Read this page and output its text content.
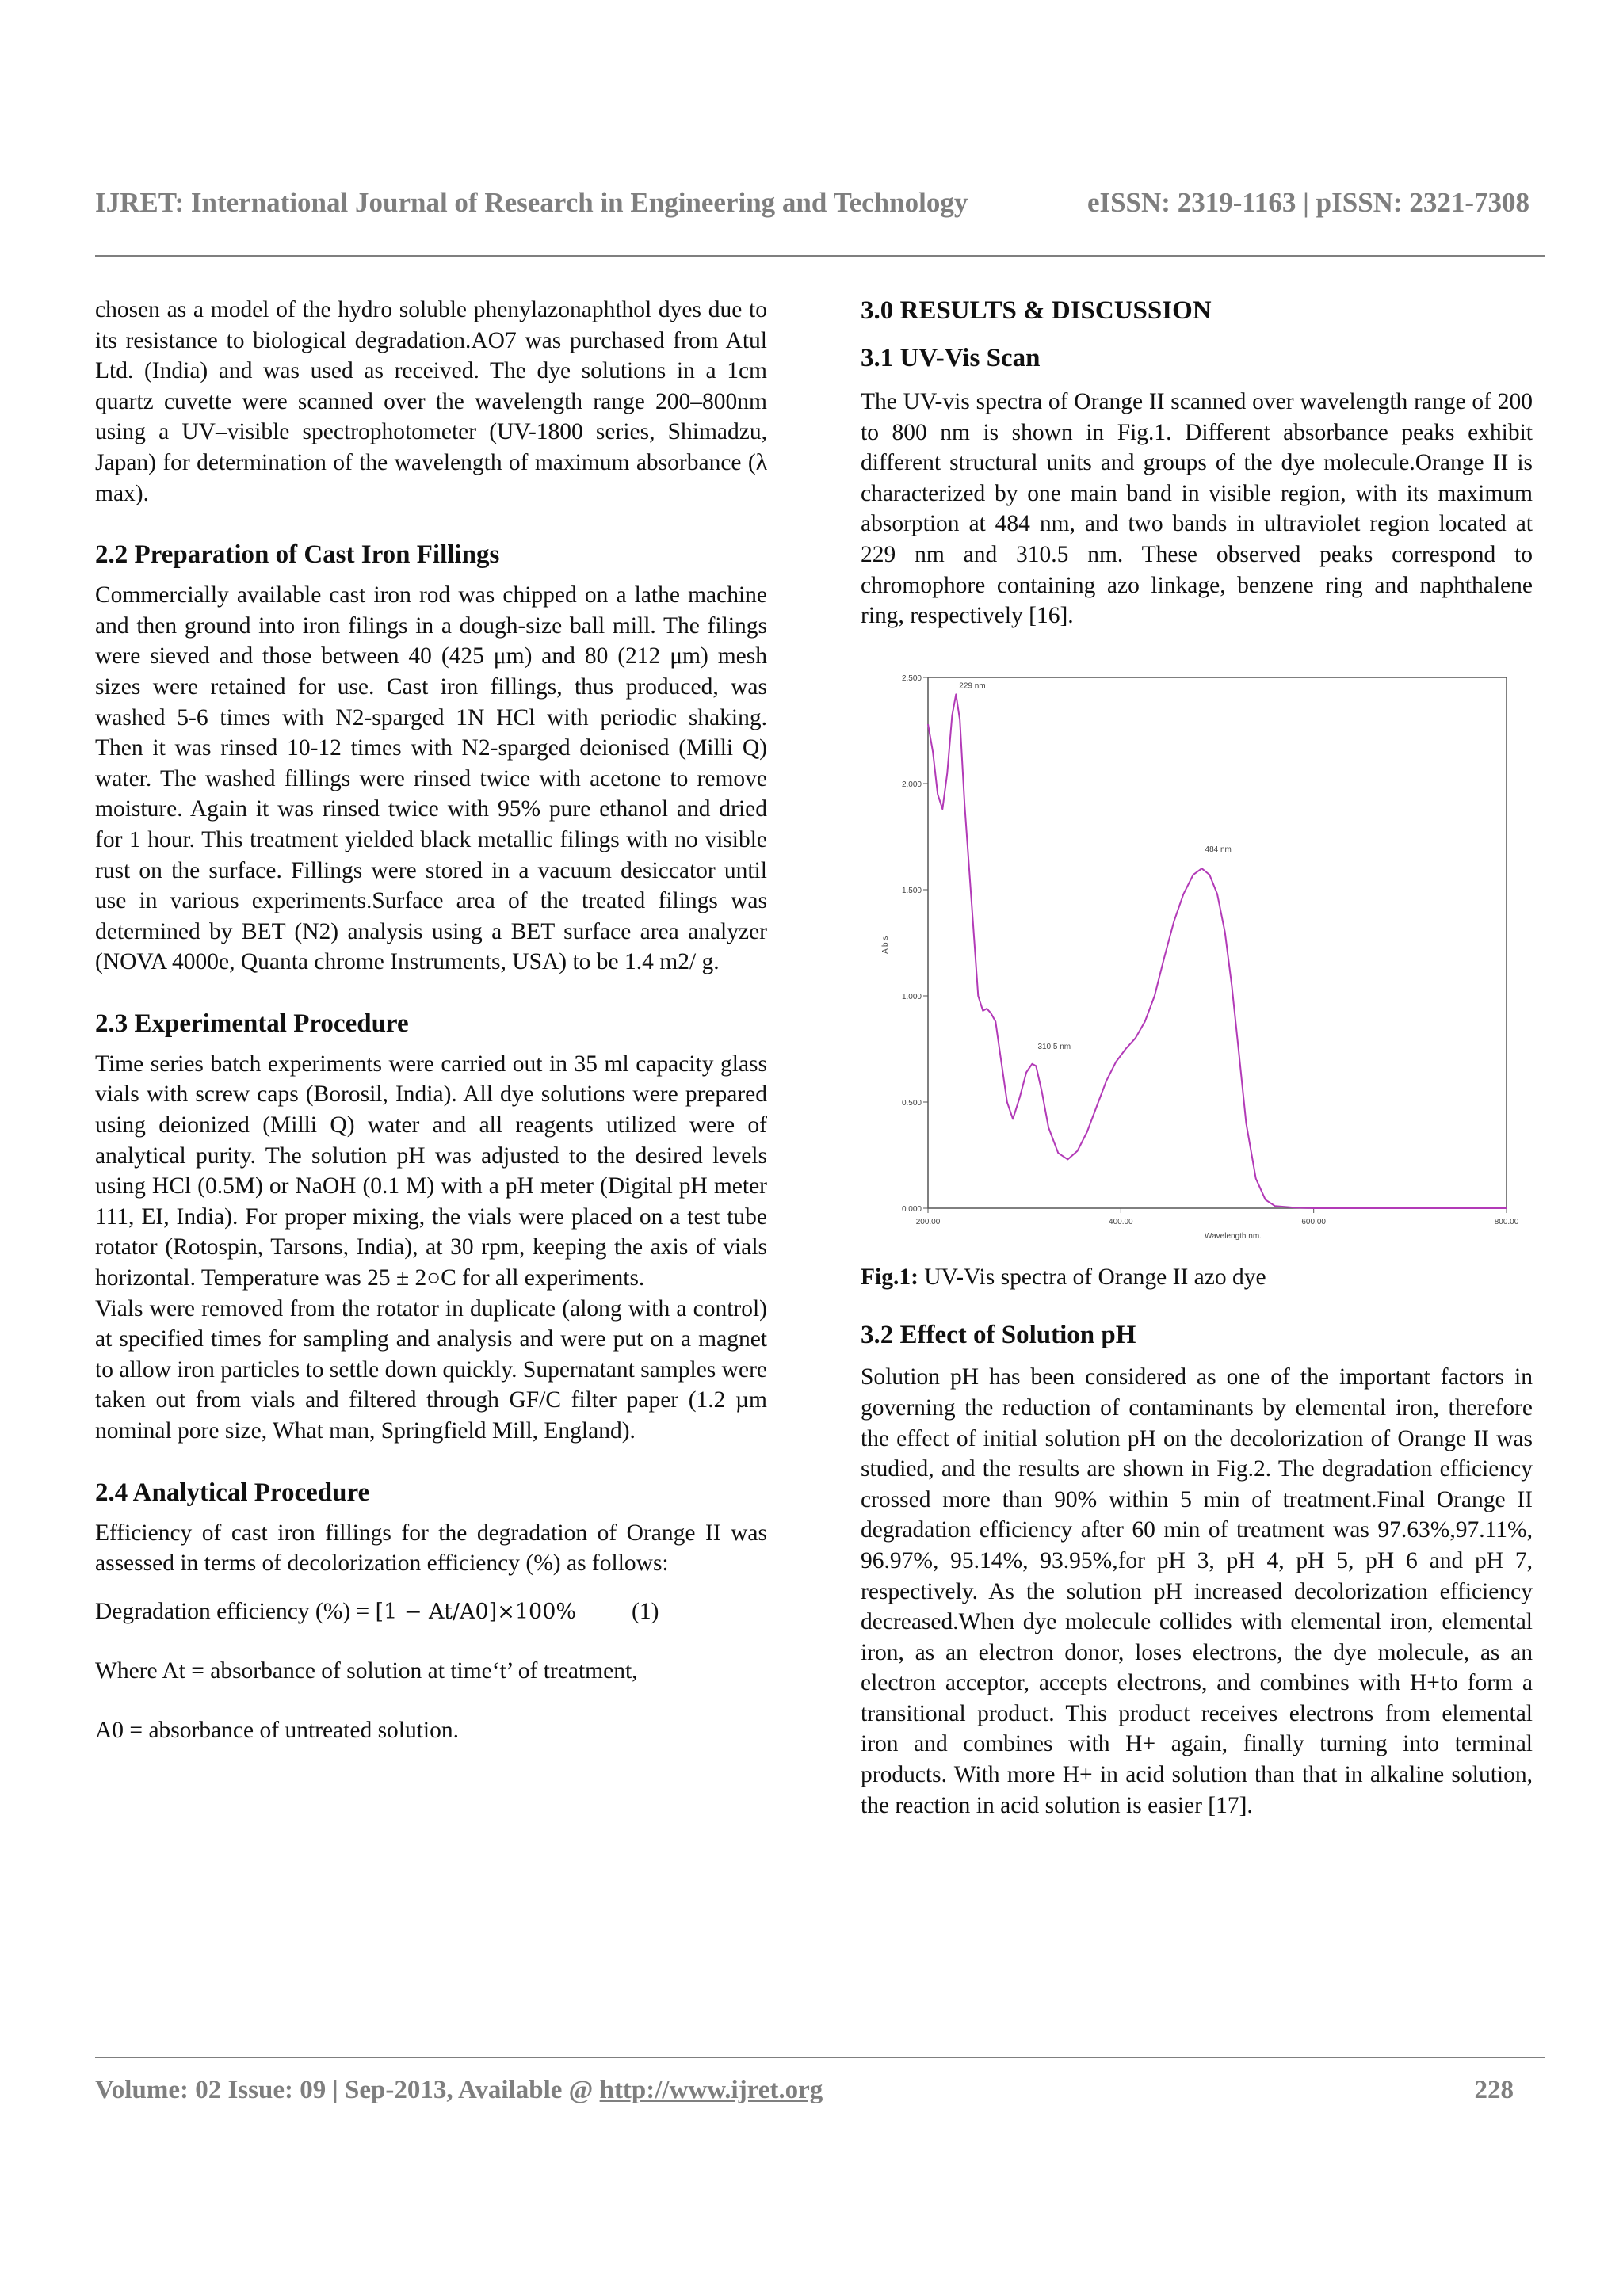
IJRET: International Journal of Research in Engineering and Technology	eISSN: 2319-1163 | pISSN: 2321-7308

chosen as a model of the hydro soluble phenylazonaphthol dyes due to its resistance to biological degradation.AO7 was purchased from Atul Ltd. (India) and was used as received. The dye solutions in a 1cm quartz cuvette were scanned over the wavelength range 200–800nm using a UV–visible spectrophotometer (UV-1800 series, Shimadzu, Japan) for determination of the wavelength of maximum absorbance (λ max).

2.2 Preparation of Cast Iron Fillings

Commercially available cast iron rod was chipped on a lathe machine and then ground into iron filings in a dough-size ball mill. The filings were sieved and those between 40 (425 μm) and 80 (212 μm) mesh sizes were retained for use. Cast iron fillings, thus produced, was washed 5-6 times with N2-sparged 1N HCl with periodic shaking. Then it was rinsed 10-12 times with N2-sparged deionised (Milli Q) water. The washed fillings were rinsed twice with acetone to remove moisture. Again it was rinsed twice with 95% pure ethanol and dried for 1 hour. This treatment yielded black metallic filings with no visible rust on the surface. Fillings were stored in a vacuum desiccator until use in various experiments.Surface area of the treated filings was determined by BET (N2) analysis using a BET surface area analyzer (NOVA 4000e, Quanta chrome Instruments, USA) to be 1.4 m2/ g.

2.3 Experimental Procedure

Time series batch experiments were carried out in 35 ml capacity glass vials with screw caps (Borosil, India). All dye solutions were prepared using deionized (Milli Q) water and all reagents utilized were of analytical purity. The solution pH was adjusted to the desired levels using HCl (0.5M) or NaOH (0.1 M) with a pH meter (Digital pH meter 111, EI, India). For proper mixing, the vials were placed on a test tube rotator (Rotospin, Tarsons, India), at 30 rpm, keeping the axis of vials horizontal. Temperature was 25 ± 2○C for all experiments.

Vials were removed from the rotator in duplicate (along with a control) at specified times for sampling and analysis and were put on a magnet to allow iron particles to settle down quickly. Supernatant samples were taken out from vials and filtered through GF/C filter paper (1.2 µm nominal pore size, What man, Springfield Mill, England).

2.4 Analytical Procedure

Efficiency of cast iron fillings for the degradation of Orange II was assessed in terms of decolorization efficiency (%) as follows:

Degradation efficiency (%) = [1 − At/A0]×100% (1)

Where At = absorbance of solution at time‘t’ of treatment,

A0 = absorbance of untreated solution.

3.0 RESULTS & DISCUSSION
3.1 UV-Vis Scan

The UV-vis spectra of Orange II scanned over wavelength range of 200 to 800 nm is shown in Fig.1. Different absorbance peaks exhibit different structural units and groups of the dye molecule.Orange II is characterized by one main band in visible region, with its maximum absorption at 484 nm, and two bands in ultraviolet region located at 229 nm and 310.5 nm. These observed peaks correspond to chromophore containing azo linkage, benzene ring and naphthalene ring, respectively [16].

0.000
0.500
1.000
1.500
2.000
2.500
200.00	400.00	600.00	800.00
Wavelength nm.
A b s .
229 nm
484 nm
310.5 nm

Fig.1: UV-Vis spectra of Orange II azo dye

3.2 Effect of Solution pH

Solution pH has been considered as one of the important factors in governing the reduction of contaminants by elemental iron, therefore the effect of initial solution pH on the decolorization of Orange II was studied, and the results are shown in Fig.2. The degradation efficiency crossed more than 90% within 5 min of treatment.Final Orange II degradation efficiency after 60 min of treatment was 97.63%,97.11%, 96.97%, 95.14%, 93.95%,for pH 3, pH 4, pH 5, pH 6 and pH 7, respectively. As the solution pH increased decolorization efficiency decreased.When dye molecule collides with elemental iron, elemental iron, as an electron donor, loses electrons, the dye molecule, as an electron acceptor, accepts electrons, and combines with H+to form a transitional product. This product receives electrons from elemental iron and combines with H+ again, finally turning into terminal products. With more H+ in acid solution than that in alkaline solution, the reaction in acid solution is easier [17].

Volume: 02 Issue: 09 | Sep-2013, Available @ http://www.ijret.org	228
